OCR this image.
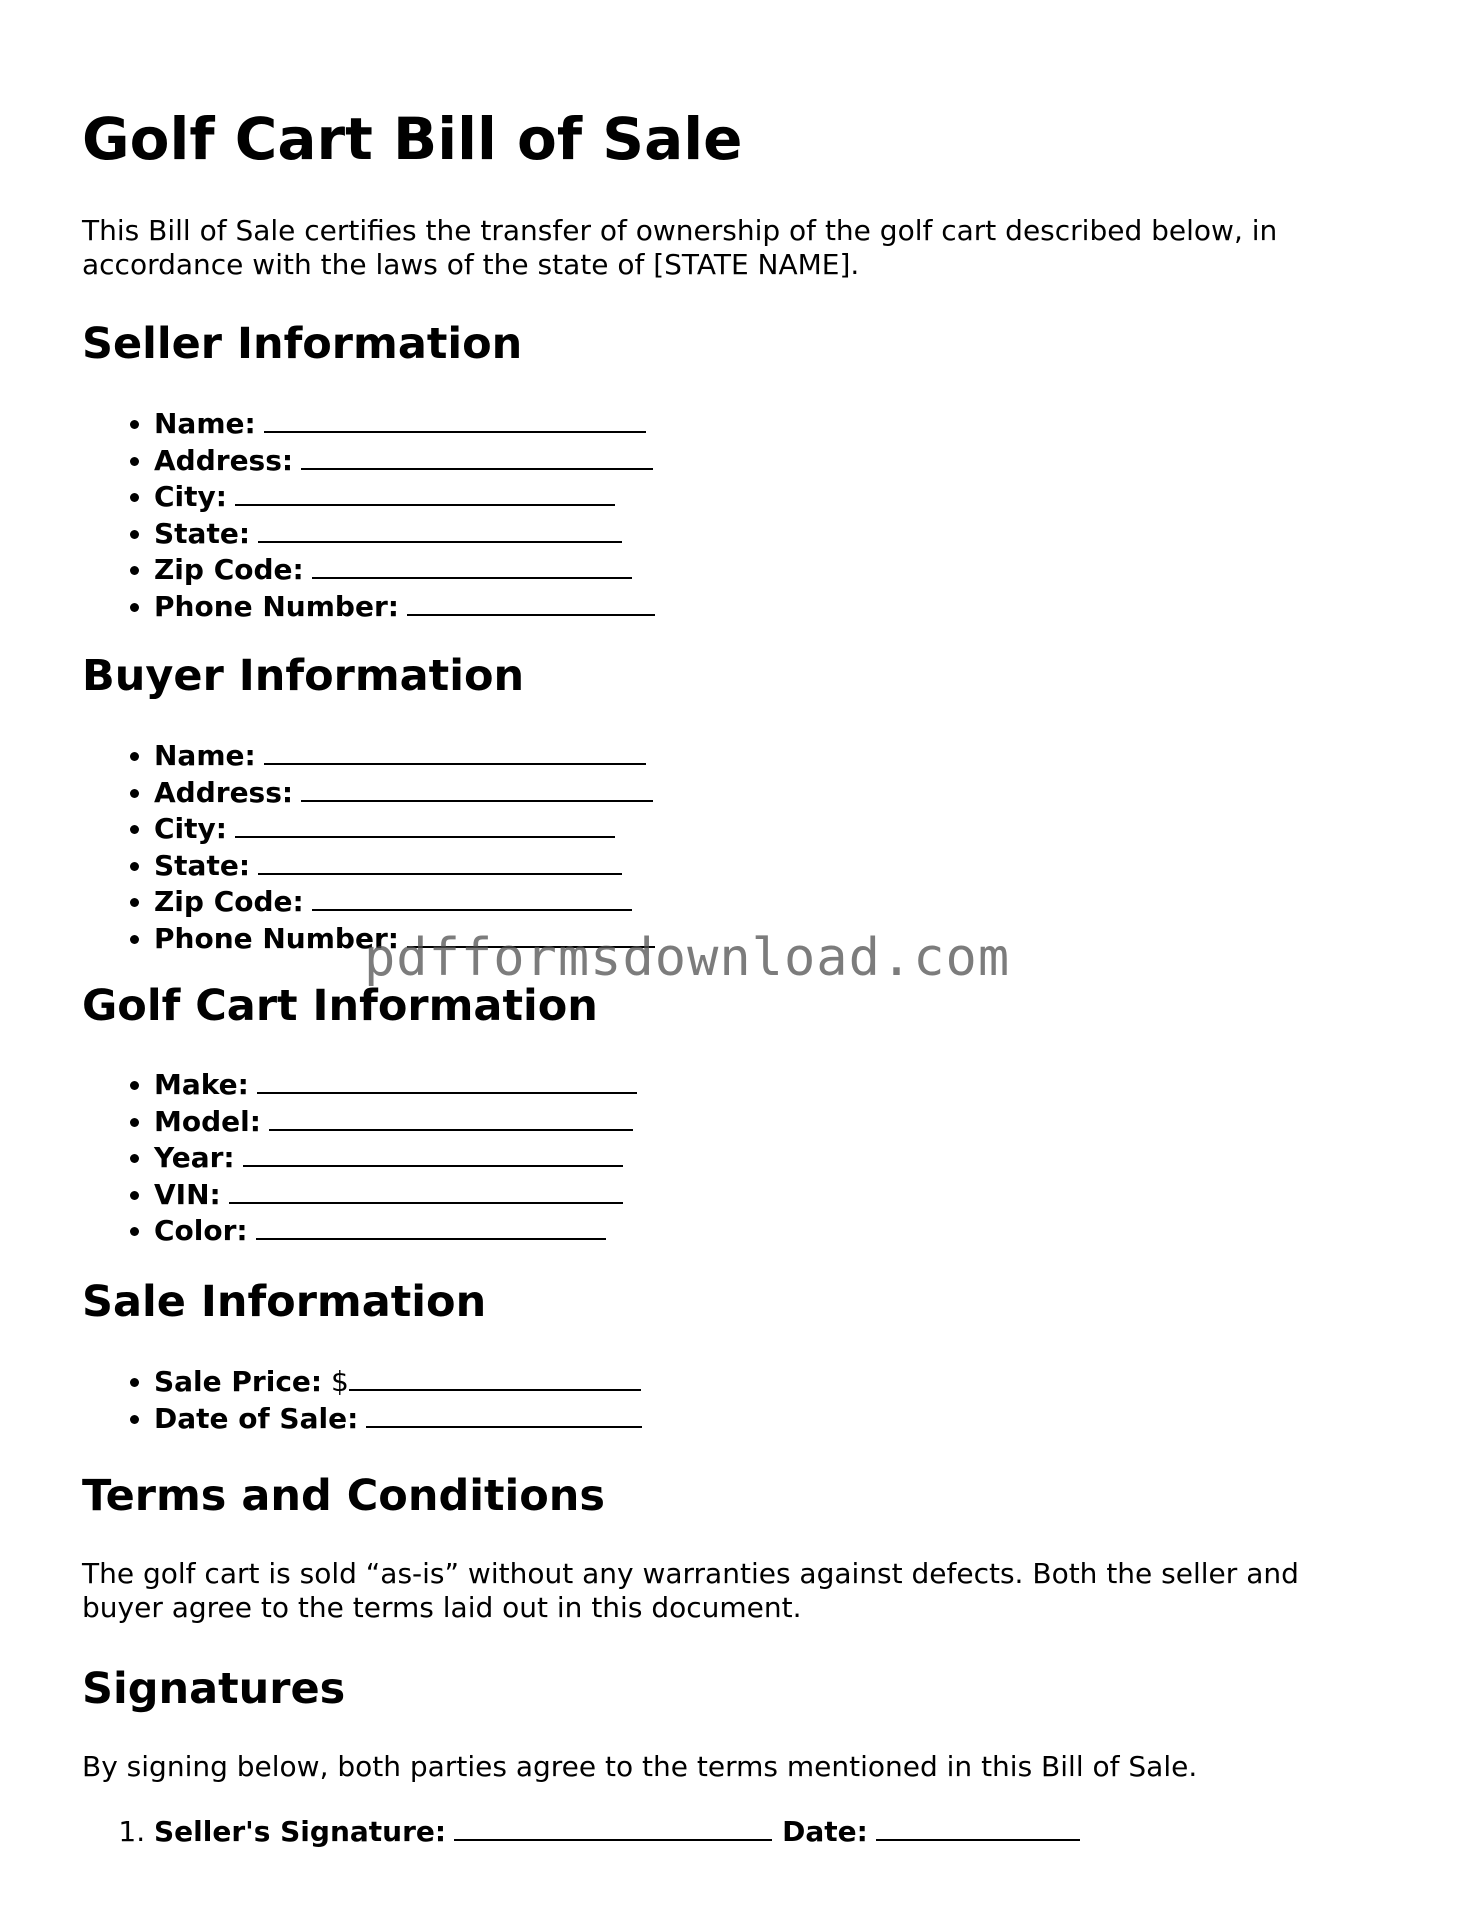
Golf Cart Bill of Sale

This Bill of Sale certifies the transfer of ownership of the golf cart described below, in accordance with the laws of the state of [STATE NAME].

Seller Information
• Name:
• Address:
• City:
• State:
• Zip Code:
• Phone Number:
Buyer Information
• Name:
• Address:
• City:
• State:
• Zip Code:
• Phone Number:
Golf Cart Information
• Make:
• Model:
• Year:
• VIN:
• Color:
Sale Information
• Sale Price: $
• Date of Sale:
Terms and Conditions

The golf cart is sold “as-is” without any warranties against defects. Both the seller and buyer agree to the terms laid out in this document.

Signatures

By signing below, both parties agree to the terms mentioned in this Bill of Sale.

1. Seller's Signature:	Date:
pdfformsdownload.com
